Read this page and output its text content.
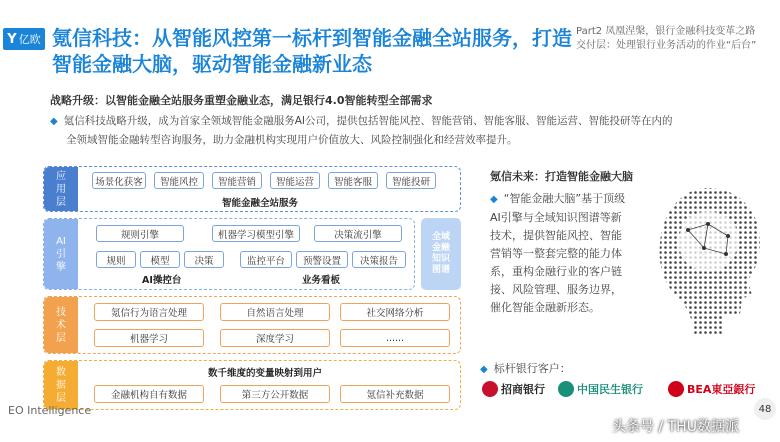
Y 亿欧 氪信科技：从智能风控第一标杆到智能金融全站服务，打造智能金融大脑，驱动智能金融新业态
Part2 凤凰涅槃，银行金融科技变革之路
交付层：处理银行业务活动的作业“后台”
战略升级：以智能金融全站服务重塑金融业态，满足银行4.0智能转型全部需求
◆ 氪信科技战略升级，成为首家全领域智能金融服务AI公司，提供包括智能风控、智能营销、智能客服、智能运营、智能投研等在内的
全领域智能金融转型咨询服务，助力金融机构实现用户价值放大、风险控制强化和经营效率提升。
应用层
场景化获客	智能风控	智能营销	智能运营	智能客服	智能投研
智能金融全站服务
AI引擎
规则引擎	机器学习模型引擎	决策流引擎
规则	模型	决策	监控平台	预警设置	决策报告
AI操控台	业务看板
全域金融知识图谱
技术层
氪信行为语言处理	自然语言处理	社交网络分析
机器学习	深度学习	......
数据层
数千维度的变量映射到用户
金融机构自有数据	第三方公开数据	氪信补充数据
氪信未来：打造智能金融大脑
◆ “智能金融大脑”基于顶级
AI引擎与全域知识图谱等新
技术，提供智能风控、智能
营销等一整套完整的能力体
系，重构金融行业的客户链
接、风险管理、服务边界，
催化智能金融新形态。
◆ 标杆银行客户：
招商银行	中国民生银行	BEA東亞銀行
EO Intelligence	48
头条号 / THU数据派
